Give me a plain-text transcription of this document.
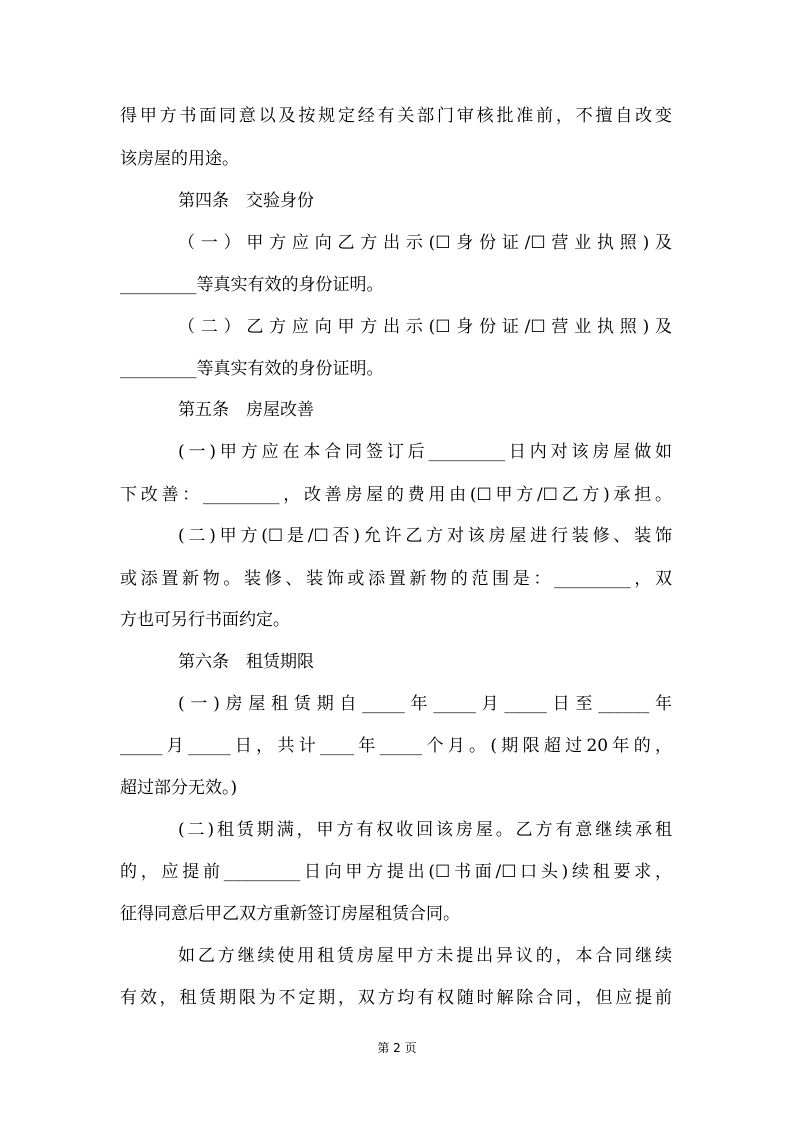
得甲方书面同意以及按规定经有关部门审核批准前，不擅自改变
该房屋的用途。
第四条　交验身份
（一）甲方应向乙方出示(☐身份证/☐营业执照)及
_________等真实有效的身份证明。
（二）乙方应向甲方出示(☐身份证/☐营业执照)及
_________等真实有效的身份证明。
第五条　房屋改善
(一)甲方应在本合同签订后_________日内对该房屋做如
下改善：_________，改善房屋的费用由(☐甲方/☐乙方)承担。
(二)甲方(☐是/☐否)允许乙方对该房屋进行装修、装饰
或添置新物。装修、装饰或添置新物的范围是：_________，双
方也可另行书面约定。
第六条　租赁期限
(一)房屋租赁期自_____年_____月_____日至______年
_____月_____日，共计____年_____个月。(期限超过20年的，
超过部分无效。)
(二)租赁期满，甲方有权收回该房屋。乙方有意继续承租
的，应提前_________日向甲方提出(☐书面/☐口头)续租要求，
征得同意后甲乙双方重新签订房屋租赁合同。
如乙方继续使用租赁房屋甲方未提出异议的，本合同继续
有效，租赁期限为不定期，双方均有权随时解除合同，但应提前
第 2 页
